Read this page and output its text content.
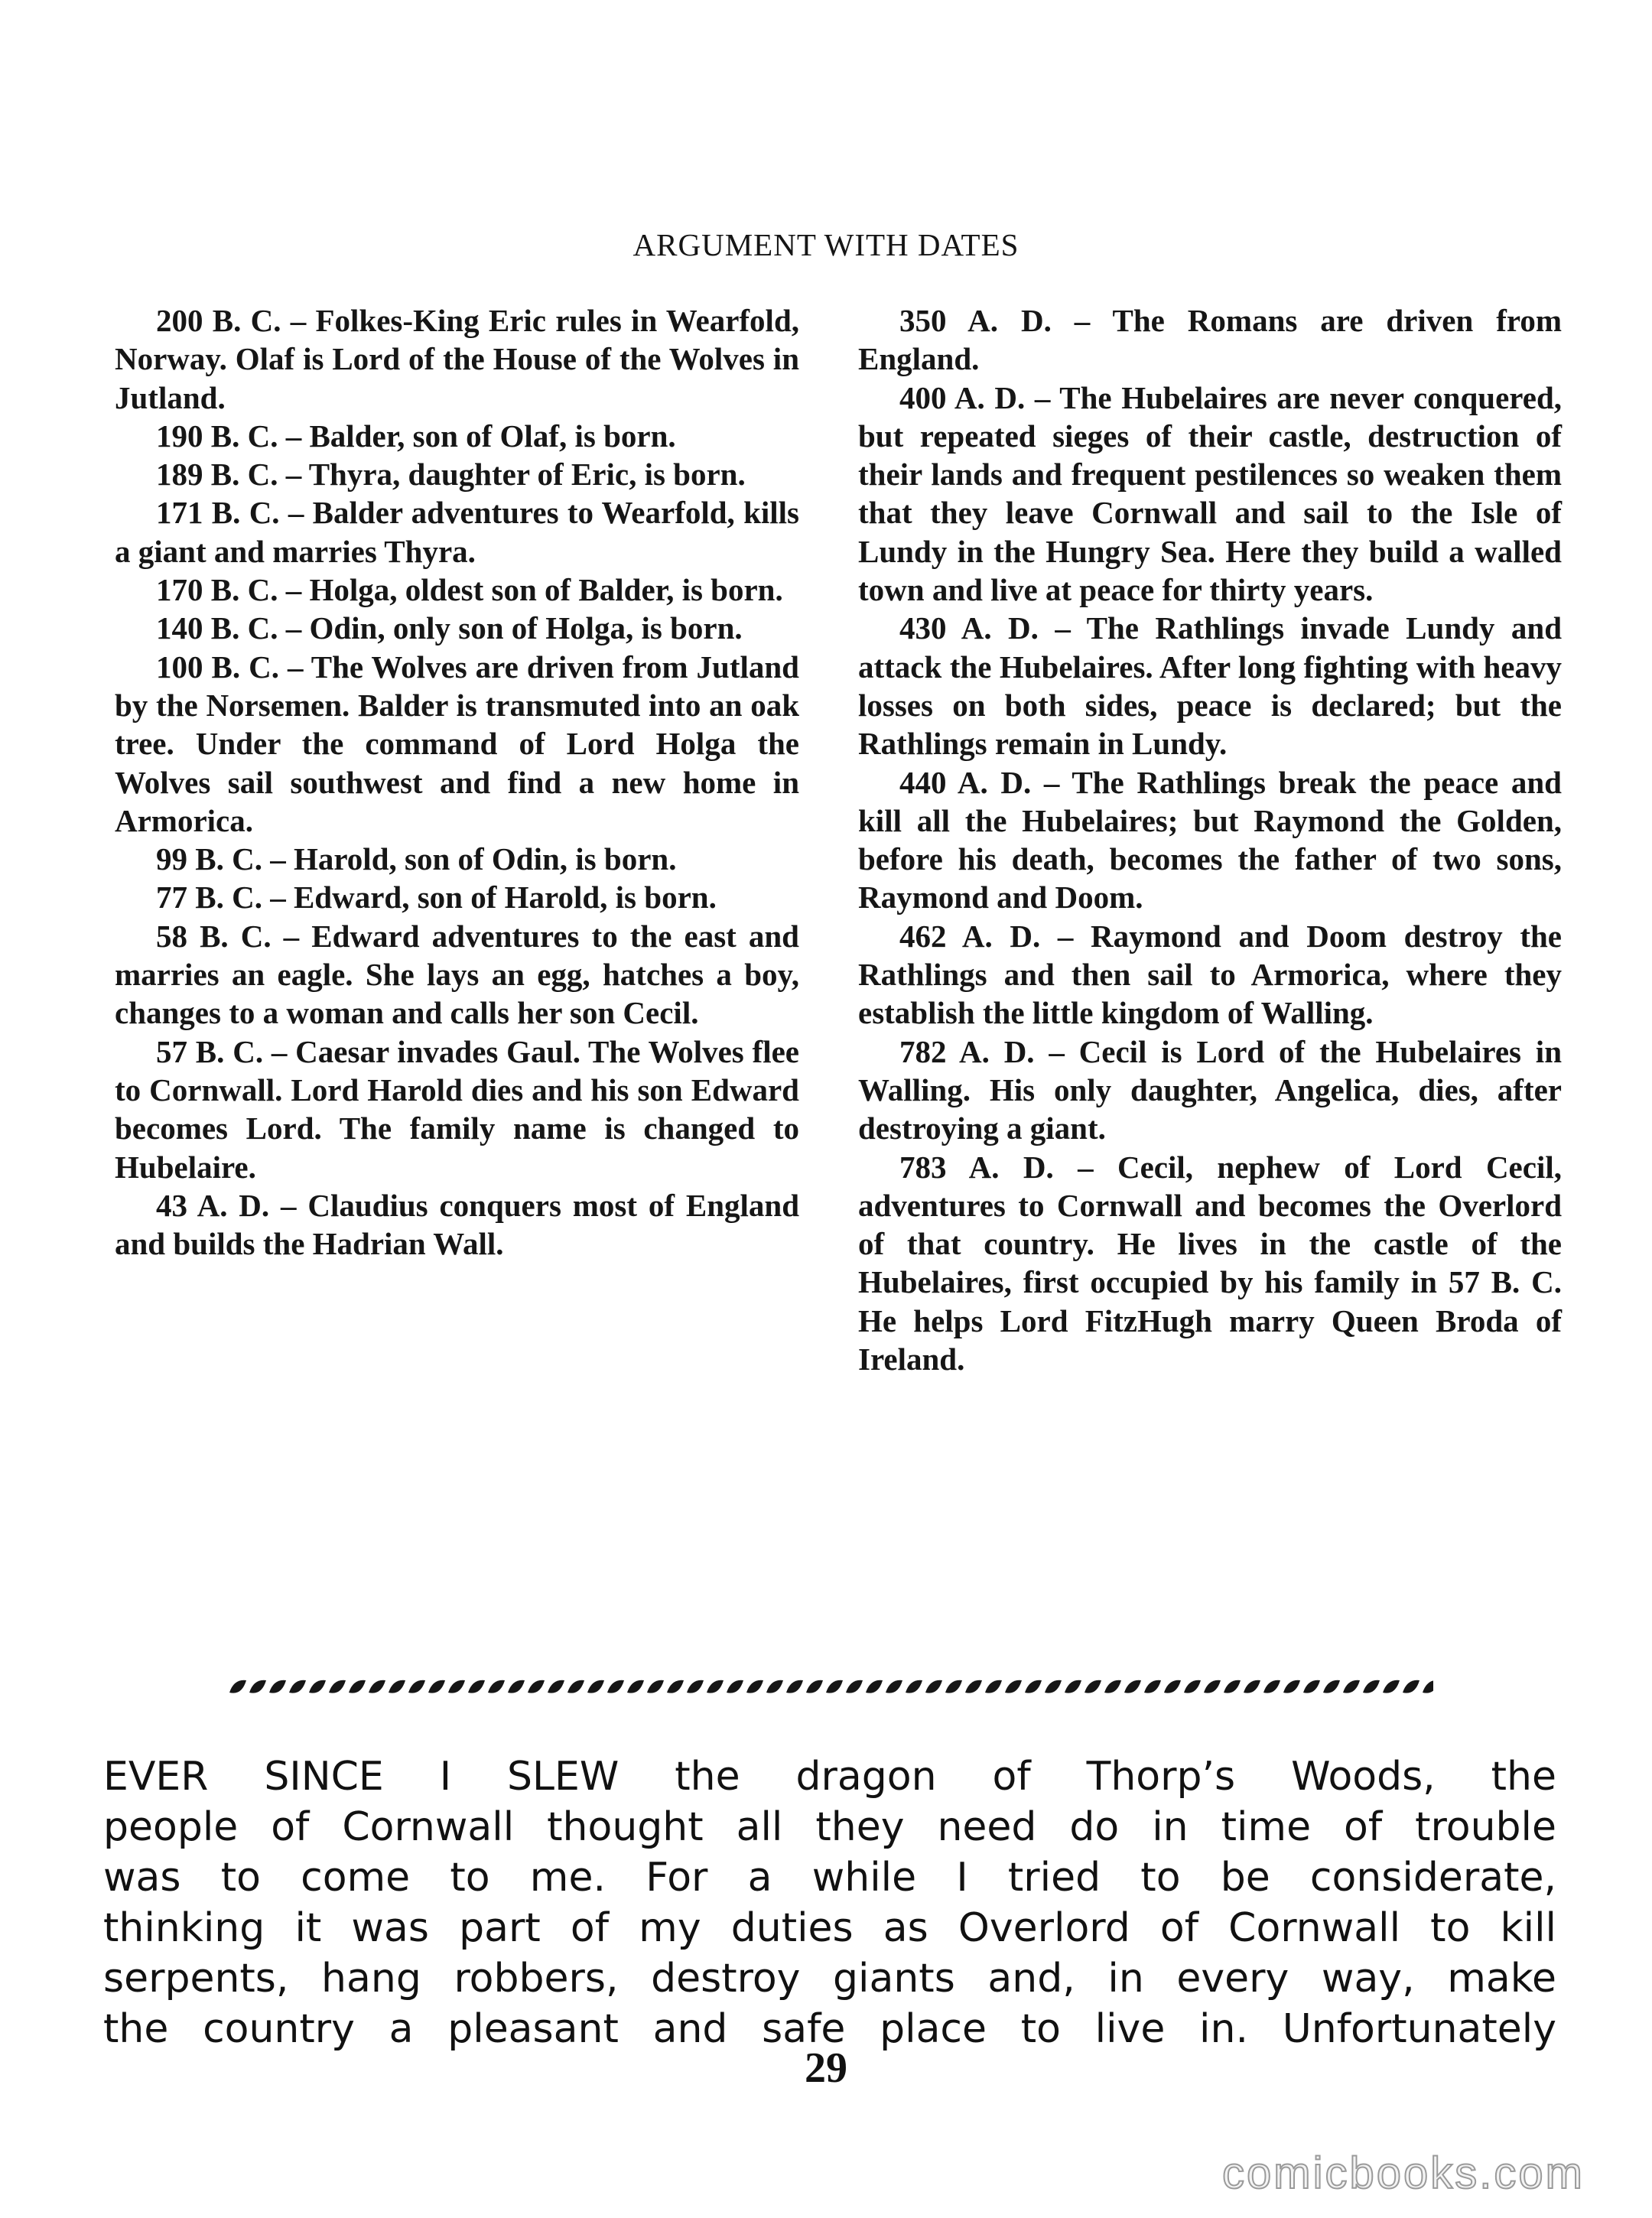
ARGUMENT WITH DATES

200 B. C. – Folkes-King Eric rules in Wearfold, Norway. Olaf is Lord of the House of the Wolves in Jutland.

190 B. C. – Balder, son of Olaf, is born.

189 B. C. – Thyra, daughter of Eric, is born.

171 B. C. – Balder adventures to Wearfold, kills a giant and marries Thyra.

170 B. C. – Holga, oldest son of Balder, is born.

140 B. C. – Odin, only son of Holga, is born.

100 B. C. – The Wolves are driven from Jutland by the Norsemen. Balder is transmuted into an oak tree. Under the command of Lord Holga the Wolves sail southwest and find a new home in Armorica.

99 B. C. – Harold, son of Odin, is born.

77 B. C. – Edward, son of Harold, is born.

58 B. C. – Edward adventures to the east and marries an eagle. She lays an egg, hatches a boy, changes to a woman and calls her son Cecil.

57 B. C. – Caesar invades Gaul. The Wolves flee to Cornwall. Lord Harold dies and his son Edward becomes Lord. The family name is changed to Hubelaire.

43 A. D. – Claudius conquers most of England and builds the Hadrian Wall.

350 A. D. – The Romans are driven from England.

400 A. D. – The Hubelaires are never conquered, but repeated sieges of their castle, destruction of their lands and frequent pestilences so weaken them that they leave Cornwall and sail to the Isle of Lundy in the Hungry Sea. Here they build a walled town and live at peace for thirty years.

430 A. D. – The Rathlings invade Lundy and attack the Hubelaires. After long fighting with heavy losses on both sides, peace is declared; but the Rathlings remain in Lundy.

440 A. D. – The Rathlings break the peace and kill all the Hubelaires; but Raymond the Golden, before his death, becomes the father of two sons, Raymond and Doom.

462 A. D. – Raymond and Doom destroy the Rathlings and then sail to Armorica, where they establish the little kingdom of Walling.

782 A. D. – Cecil is Lord of the Hubelaires in Walling. His only daughter, Angelica, dies, after destroying a giant.

783 A. D. – Cecil, nephew of Lord Cecil, adventures to Cornwall and becomes the Overlord of that country. He lives in the castle of the Hubelaires, first occupied by his family in 57 B. C. He helps Lord FitzHugh marry Queen Broda of Ireland.

EVER SINCE I SLEW the dragon of Thorp’s Woods, the
people of Cornwall thought all they need do in time of trouble
was to come to me. For a while I tried to be considerate,
thinking it was part of my duties as Overlord of Cornwall to kill
serpents, hang robbers, destroy giants and, in every way, make
the country a pleasant and safe place to live in. Unfortunately
29
comicbooks.com
